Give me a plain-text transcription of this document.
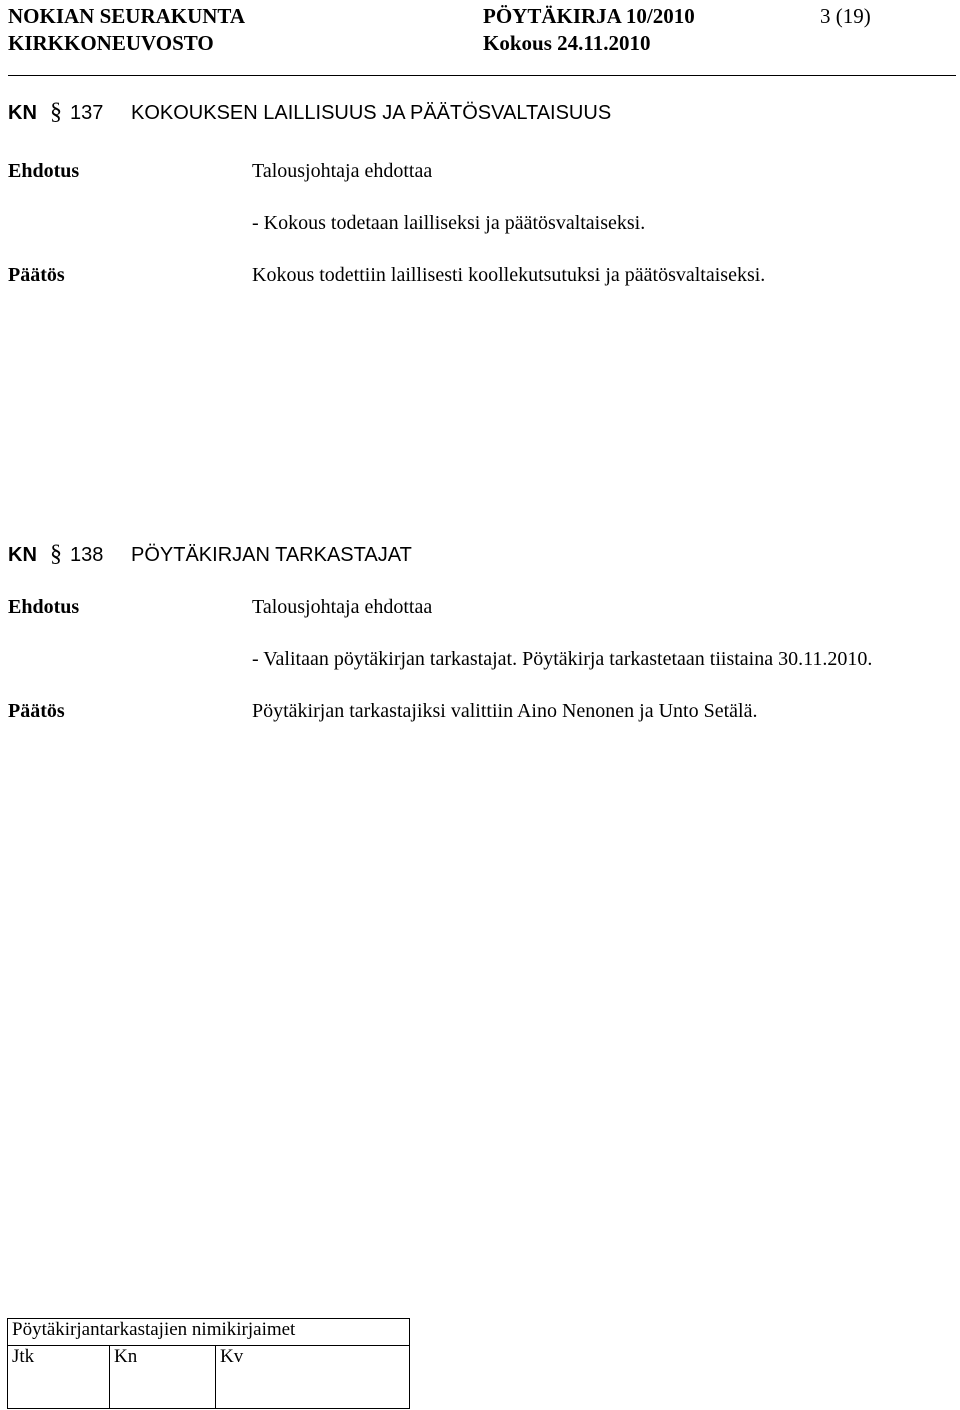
NOKIAN SEURAKUNTA
KIRKKONEUVOSTO
PÖYTÄKIRJA 10/2010
Kokous 24.11.2010
3 (19)
KN § 137 KOKOUKSEN LAILLISUUS JA PÄÄTÖSVALTAISUUS
Ehdotus	Talousjohtaja ehdottaa
- Kokous todetaan lailliseksi ja päätösvaltaiseksi.
Päätös	Kokous todettiin laillisesti koollekutsutuksi ja päätösvaltaiseksi.
KN § 138 PÖYTÄKIRJAN TARKASTAJAT
Ehdotus	Talousjohtaja ehdottaa
- Valitaan pöytäkirjan tarkastajat. Pöytäkirja tarkastetaan tiistaina 30.11.2010.
Päätös	Pöytäkirjan tarkastajiksi valittiin Aino Nenonen ja Unto Setälä.
Pöytäkirjantarkastajien nimikirjaimet
Jtk	Kn	Kv
